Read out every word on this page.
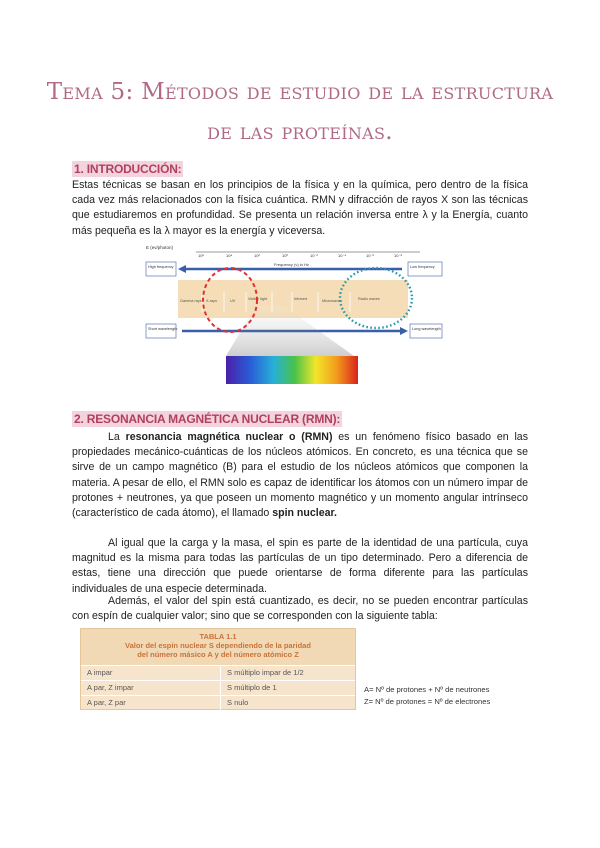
Tema 5: Métodos de estudio de la estructura de las proteínas.
1. INTRODUCCIÓN:

Estas técnicas se basan en los principios de la física y en la química, pero dentro de la física cada vez más relacionados con la física cuántica. RMN y difracción de rayos X son las técnicas que estudiaremos en profundidad. Se presenta un relación inversa entre λ y la Energía, cuanto más pequeña es la λ mayor es la energía y viceversa.

E (ev/photon)
10⁶	10⁴	10²	10⁰	10⁻²	10⁻⁴	10⁻⁶	10⁻⁸
High frequency	Frequency (v) in Hz	Low frequency
Gamma rays X-rays	UV	Visible light	Infrared	Microwaves	Radio waves
Short wavelength	Long wavelength
2. RESONANCIA MAGNÉTICA NUCLEAR (RMN):

La resonancia magnética nuclear o (RMN) es un fenómeno físico basado en las propiedades mecánico-cuánticas de los núcleos atómicos. En concreto, es una técnica que se sirve de un campo magnético (B) para el estudio de los núcleos atómicos que componen la materia. A pesar de ello, el RMN solo es capaz de identificar los átomos con un número impar de protones + neutrones, ya que poseen un momento magnético y un momento angular intrínseco (característico de cada átomo), el llamado spin nuclear.

Al igual que la carga y la masa, el spin es parte de la identidad de una partícula, cuya magnitud es la misma para todas las partículas de un tipo determinado. Pero a diferencia de estas, tiene una dirección que puede orientarse de forma diferente para las partículas individuales de una especie determinada.

Además, el valor del spin está cuantizado, es decir, no se pueden encontrar partículas con espín de cualquier valor; sino que se corresponden con la siguiente tabla:

TABLA 1.1
Valor del espín nuclear S dependiendo de la paridad
del número másico A y del número atómico Z
A impar	S múltiplo impar de 1/2
A par, Z impar	S múltiplo de 1
A par, Z par	S nulo
A= Nº de protones + Nº de neutrones
Z= Nº de protones = Nº de electrones
